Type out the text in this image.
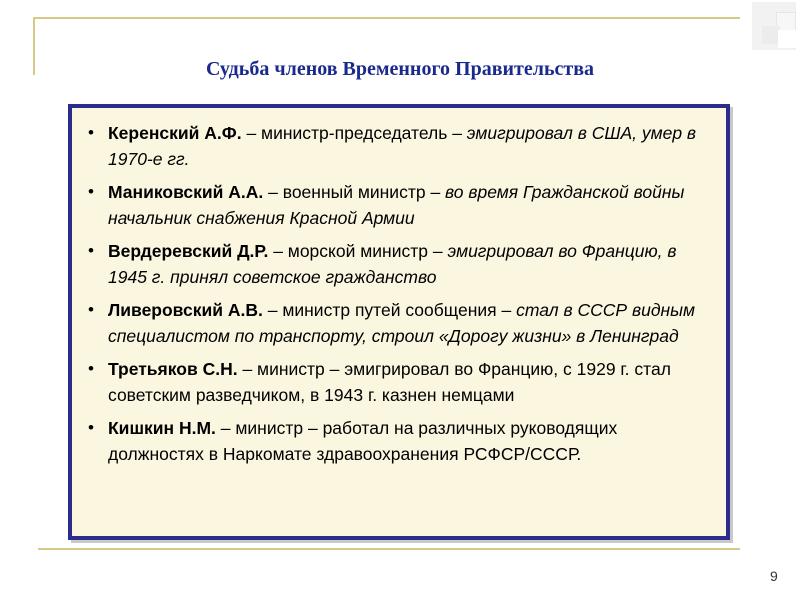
Судьба членов Временного Правительства
• Керенский А.Ф. – министр-председатель – эмигрировал в США, умер в 1970-е гг.
• Маниковский А.А. – военный министр – во время Гражданской войны начальник снабжения Красной Армии
• Вердеревский Д.Р. – морской министр – эмигрировал во Францию, в 1945 г. принял советское гражданство
• Ливеровский А.В. – министр путей сообщения – стал в СССР видным специалистом по транспорту, строил «Дорогу жизни» в Ленинград
• Третьяков С.Н. – министр – эмигрировал во Францию, с 1929 г. стал советским разведчиком, в 1943 г. казнен немцами
• Кишкин Н.М. – министр – работал на различных руководящих должностях в Наркомате здравоохранения РСФСР/СССР.
9
